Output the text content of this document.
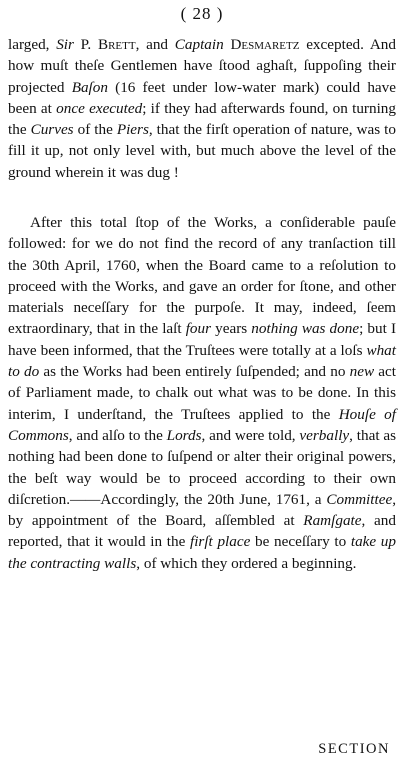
( 28 )

larged, Sir P. Brett, and Captain Desmaretz excepted. And how muſt theſe Gentlemen have ſtood aghaſt, ſuppoſing their projected Baſon (16 feet under low-water mark) could have been at once executed; if they had afterwards found, on turning the Curves of the Piers, that the firſt operation of nature, was to fill it up, not only level with, but much above the level of the ground wherein it was dug !

After this total ſtop of the Works, a conſiderable pauſe followed: for we do not find the record of any tranſaction till the 30th April, 1760, when the Board came to a reſolution to proceed with the Works, and gave an order for ſtone, and other materials neceſſary for the purpoſe. It may, indeed, ſeem extraordinary, that in the laſt four years nothing was done; but I have been informed, that the Truſtees were totally at a loſs what to do as the Works had been entirely ſuſpended; and no new act of Parliament made, to chalk out what was to be done. In this interim, I underſtand, the Truſtees applied to the Houſe of Commons, and alſo to the Lords, and were told, verbally, that as nothing had been done to ſuſpend or alter their original powers, the beſt way would be to proceed according to their own diſcretion.——Accordingly, the 20th June, 1761, a Committee, by appointment of the Board, aſſembled at Ramſgate, and reported, that it would in the firſt place be neceſſary to take up the contracting walls, of which they ordered a beginning.

SECTION
